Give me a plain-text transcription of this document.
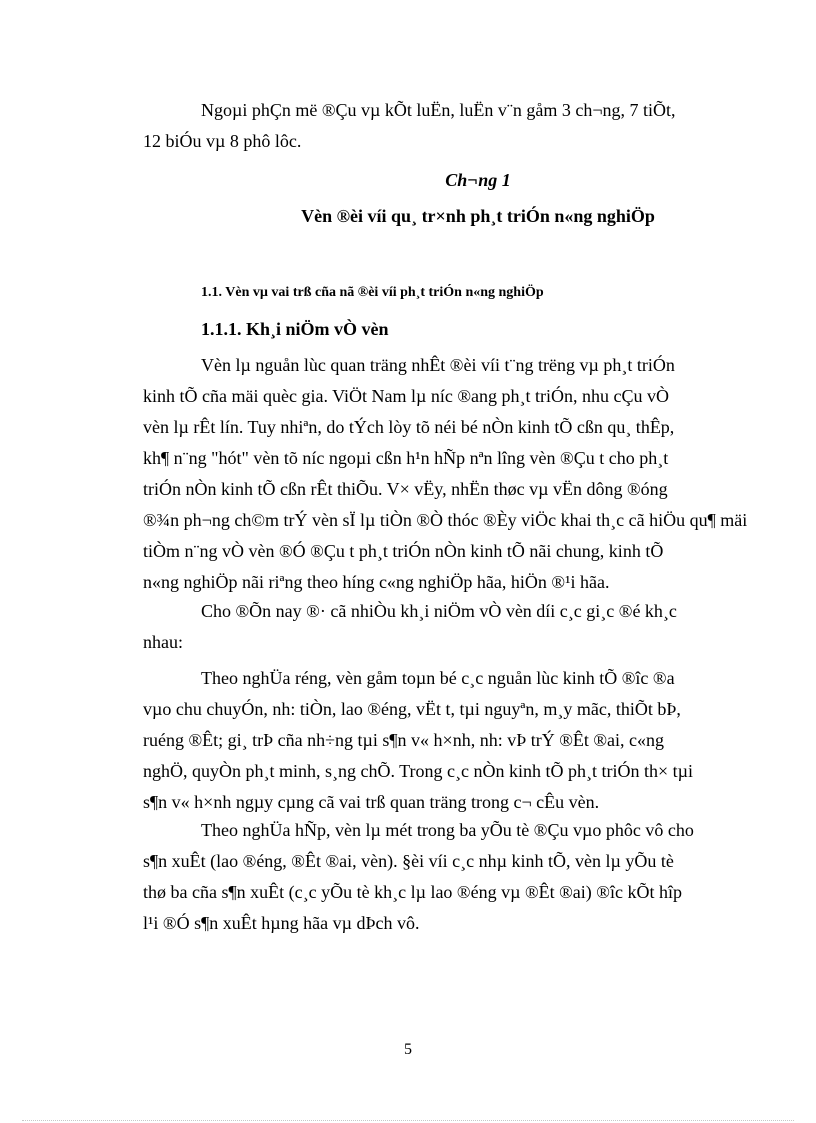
Ngoµi phÇn më ®Çu vµ kÕt luËn, luËn v¨n gåm 3 ch¬ng, 7 tiÕt,
12 biÓu vµ 8 phô lôc.
Ch¬ng 1
Vèn ®èi víi qu¸ tr×nh ph¸t triÓn n«ng nghiÖp
1.1. Vèn vµ vai trß cña nã ®èi víi ph¸t triÓn n«ng nghiÖp
1.1.1. Kh¸i niÖm vÒ vèn
Vèn lµ nguån lùc quan träng nhÊt ®èi víi t¨ng trëng vµ ph¸t triÓn
kinh tÕ cña mäi quèc gia. ViÖt Nam lµ níc ®ang ph¸t triÓn, nhu cÇu vÒ
vèn lµ rÊt lín. Tuy nhiªn, do tÝch lòy tõ néi bé nÒn kinh tÕ cßn qu¸ thÊp,
kh¶ n¨ng "hót" vèn tõ níc ngoµi cßn h¹n hÑp nªn lîng vèn ®Çu t cho ph¸t
triÓn nÒn kinh tÕ cßn rÊt thiÕu. V× vËy, nhËn thøc vµ vËn dông ®óng
®¾n ph¬ng ch©m trÝ vèn sÏ lµ tiÒn ®Ò thóc ®Èy viÖc khai th¸c cã hiÖu qu¶ mäi
tiÒm n¨ng vÒ vèn ®Ó ®Çu t ph¸t triÓn nÒn kinh tÕ nãi chung, kinh tÕ
n«ng nghiÖp nãi riªng theo híng c«ng nghiÖp hãa, hiÖn ®¹i hãa.
Cho ®Õn nay ®· cã nhiÒu kh¸i niÖm vÒ vèn díi c¸c gi¸c ®é kh¸c
nhau:
Theo nghÜa réng, vèn gåm toµn bé c¸c nguån lùc kinh tÕ ®îc ®a
vµo chu chuyÓn, nh: tiÒn, lao ®éng, vËt t, tµi nguyªn, m¸y mãc, thiÕt bÞ,
ruéng ®Êt; gi¸ trÞ cña nh÷ng tµi s¶n v« h×nh, nh: vÞ trÝ ®Êt ®ai, c«ng
nghÖ, quyÒn ph¸t minh, s¸ng chÕ. Trong c¸c nÒn kinh tÕ ph¸t triÓn th× tµi
s¶n v« h×nh ngµy cµng cã vai trß quan träng trong c¬ cÊu vèn.
Theo nghÜa hÑp, vèn lµ mét trong ba yÕu tè ®Çu vµo phôc vô cho
s¶n xuÊt (lao ®éng, ®Êt ®ai, vèn). §èi víi c¸c nhµ kinh tÕ, vèn lµ yÕu tè
thø ba cña s¶n xuÊt (c¸c yÕu tè kh¸c lµ lao ®éng vµ ®Êt ®ai) ®îc kÕt hîp
l¹i ®Ó s¶n xuÊt hµng hãa vµ dÞch vô.
5
